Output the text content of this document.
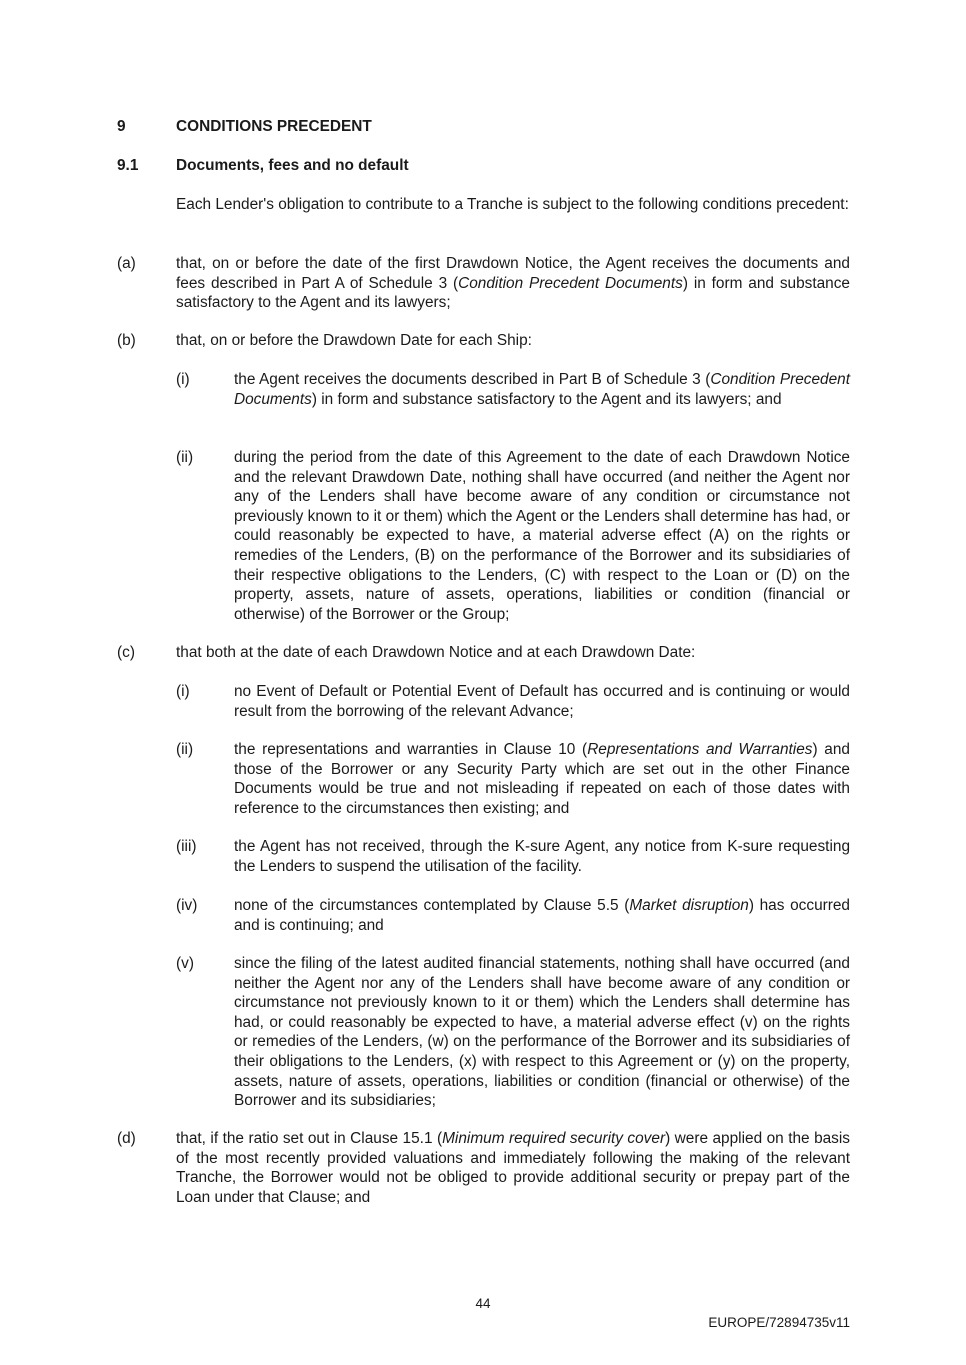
9	CONDITIONS PRECEDENT
9.1 Documents, fees and no default
Each Lender's obligation to contribute to a Tranche is subject to the following conditions precedent:
(a)	that, on or before the date of the first Drawdown Notice, the Agent receives the documents and fees described in Part A of Schedule 3 (Condition Precedent Documents) in form and substance satisfactory to the Agent and its lawyers;
(b)	that, on or before the Drawdown Date for each Ship:
(i)	the Agent receives the documents described in Part B of Schedule 3 (Condition Precedent Documents) in form and substance satisfactory to the Agent and its lawyers; and
(ii)	during the period from the date of this Agreement to the date of each Drawdown Notice and the relevant Drawdown Date, nothing shall have occurred (and neither the Agent nor any of the Lenders shall have become aware of any condition or circumstance not previously known to it or them) which the Agent or the Lenders shall determine has had, or could reasonably be expected to have, a material adverse effect (A) on the rights or remedies of the Lenders, (B) on the performance of the Borrower and its subsidiaries of their respective obligations to the Lenders, (C) with respect to the Loan or (D) on the property, assets, nature of assets, operations, liabilities or condition (financial or otherwise) of the Borrower or the Group;
(c)	that both at the date of each Drawdown Notice and at each Drawdown Date:
(i)	no Event of Default or Potential Event of Default has occurred and is continuing or would result from the borrowing of the relevant Advance;
(ii)	the representations and warranties in Clause 10 (Representations and Warranties) and those of the Borrower or any Security Party which are set out in the other Finance Documents would be true and not misleading if repeated on each of those dates with reference to the circumstances then existing; and
(iii) the Agent has not received, through the K-sure Agent, any notice from K-sure requesting the Lenders to suspend the utilisation of the facility.
(iv) none of the circumstances contemplated by Clause 5.5 (Market disruption) has occurred and is continuing; and
(v)	since the filing of the latest audited financial statements, nothing shall have occurred (and neither the Agent nor any of the Lenders shall have become aware of any condition or circumstance not previously known to it or them) which the Lenders shall determine has had, or could reasonably be expected to have, a material adverse effect (v) on the rights or remedies of the Lenders, (w) on the performance of the Borrower and its subsidiaries of their obligations to the Lenders, (x) with respect to this Agreement or (y) on the property, assets, nature of assets, operations, liabilities or condition (financial or otherwise) of the Borrower and its subsidiaries;
(d)	that, if the ratio set out in Clause 15.1 (Minimum required security cover) were applied on the basis of the most recently provided valuations and immediately following the making of the relevant Tranche, the Borrower would not be obliged to provide additional security or prepay part of the Loan under that Clause; and
44
EUROPE/72894735v11
